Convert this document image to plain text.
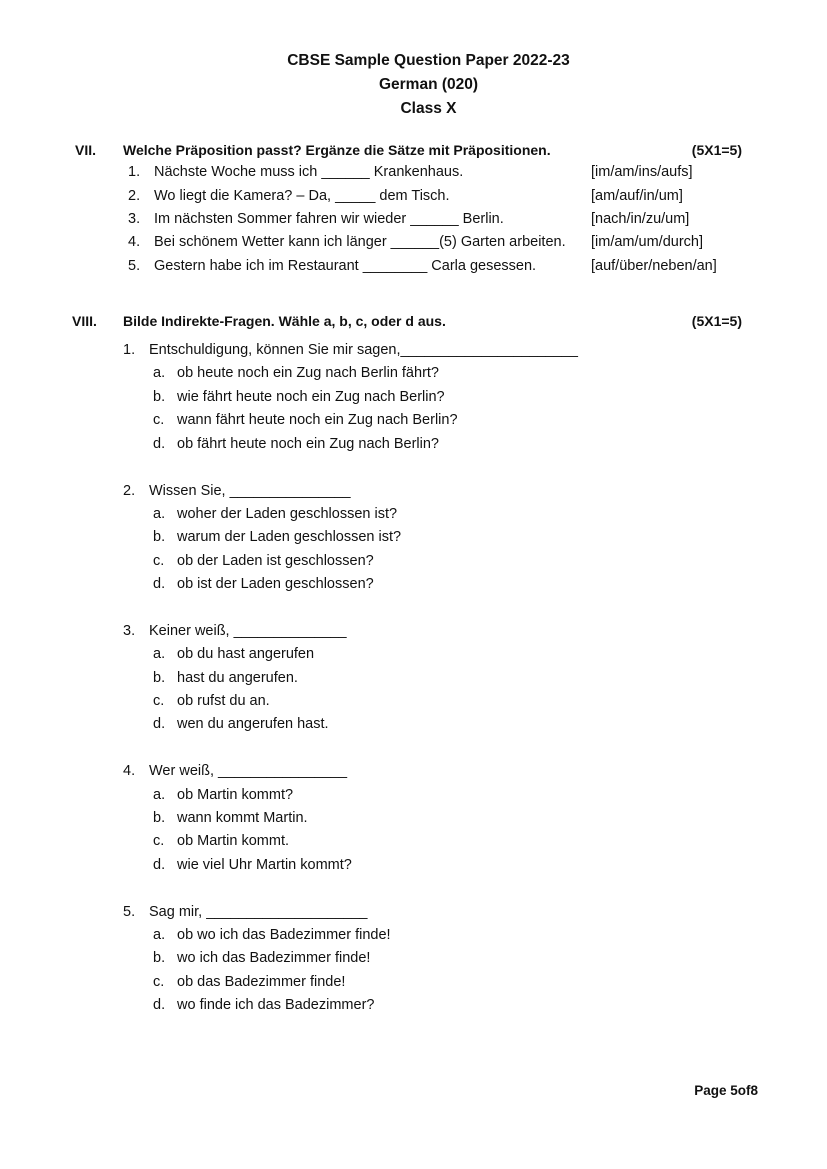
CBSE Sample Question Paper 2022-23
German (020)
Class X
VII. Welche Präposition passt? Ergänze die Sätze mit Präpositionen.	(5X1=5)
1. Nächste Woche muss ich ______ Krankenhaus.	[im/am/ins/aufs]
2. Wo liegt die Kamera? – Da, _____ dem Tisch.	[am/auf/in/um]
3. Im nächsten Sommer fahren wir wieder ______ Berlin.	[nach/in/zu/um]
4. Bei schönem Wetter kann ich länger ______(5) Garten arbeiten. [im/am/um/durch]
5. Gestern habe ich im Restaurant ________ Carla gesessen.	[auf/über/neben/an]
VIII. Bilde Indirekte-Fragen. Wähle a, b, c, oder d aus.	(5X1=5)
1. Entschuldigung, können Sie mir sagen,______________________
a. ob heute noch ein Zug nach Berlin fährt?
b. wie fährt heute noch ein Zug nach Berlin?
c. wann fährt heute noch ein Zug nach Berlin?
d. ob fährt heute noch ein Zug nach Berlin?
2. Wissen Sie, _______________
a. woher der Laden geschlossen ist?
b. warum der Laden geschlossen ist?
c. ob der Laden ist geschlossen?
d. ob ist der Laden geschlossen?
3. Keiner weiß, ______________
a. ob du hast angerufen
b. hast du angerufen.
c. ob rufst du an.
d. wen du angerufen hast.
4. Wer weiß, ________________
a. ob Martin kommt?
b. wann kommt Martin.
c. ob Martin kommt.
d. wie viel Uhr Martin kommt?
5. Sag mir, ____________________
a. ob wo ich das Badezimmer finde!
b. wo ich das Badezimmer finde!
c. ob das Badezimmer finde!
d. wo finde ich das Badezimmer?
Page 5of8
